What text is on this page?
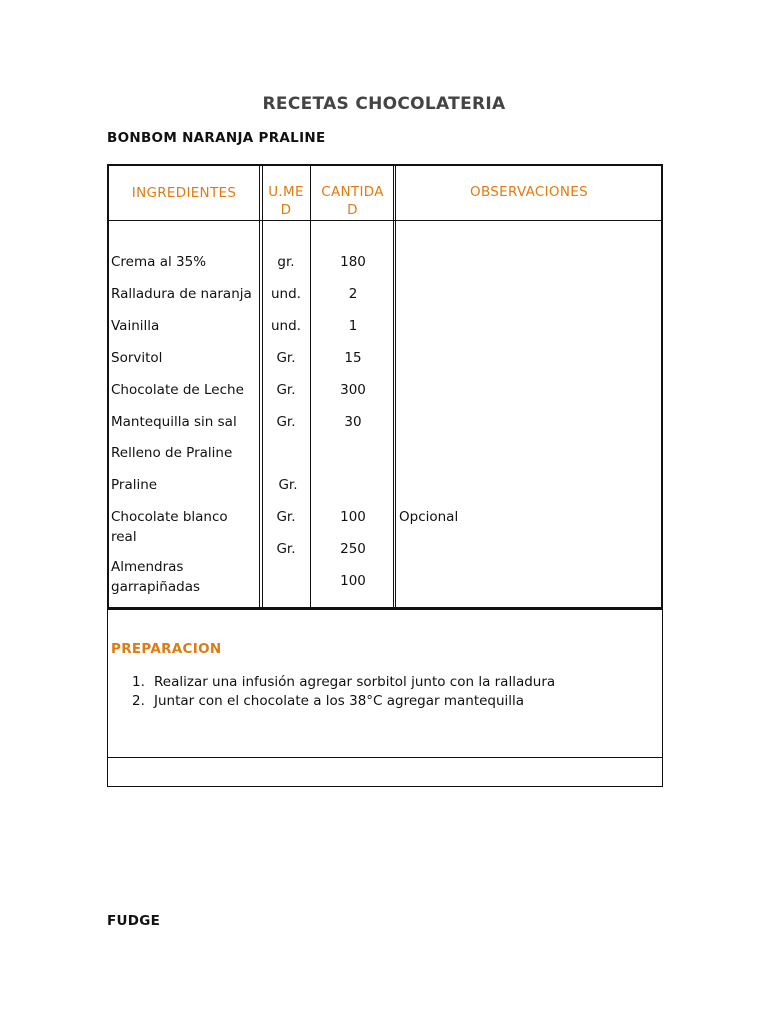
RECETAS CHOCOLATERIA
BONBOM NARANJA PRALINE
INGREDIENTES	U.ME
D
CANTIDA
D
OBSERVACIONES
Crema al 35%
Ralladura de naranja
Vainilla
Sorvitol
Chocolate de Leche
Mantequilla sin sal
Relleno de Praline
Praline
Chocolate blanco real
Almendras garrapiñadas
gr.
und.
und.
Gr.
Gr.
Gr.
Gr.
Gr.
Gr.
180
2
1
15
300
30
100
250
100
Opcional
PREPARACION
1. Realizar una infusión agregar sorbitol junto con la ralladura
2. Juntar con el chocolate a los 38°C agregar mantequilla
FUDGE
